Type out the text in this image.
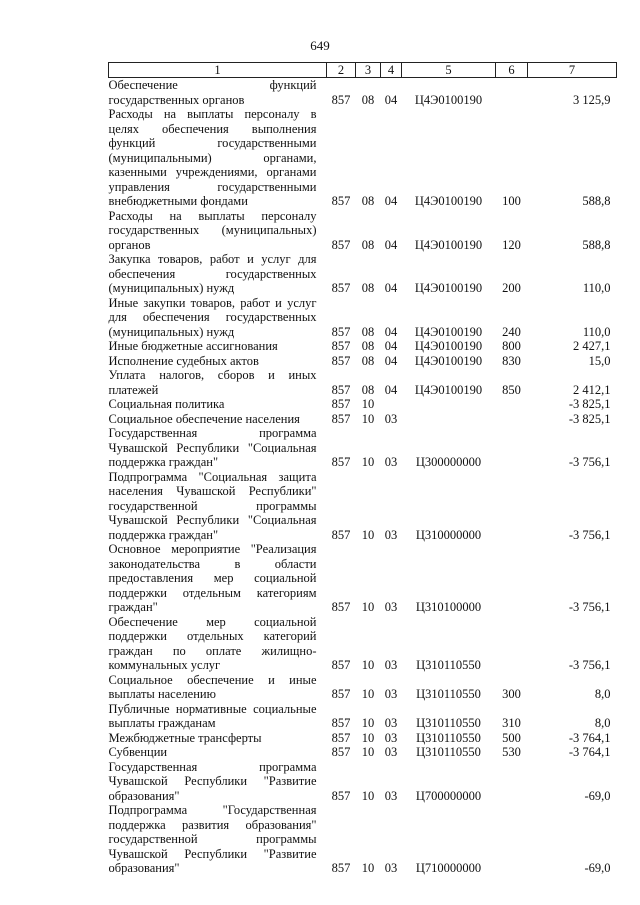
649
1	2	3	4	5	6	7
Обеспечение функций государственных органов	857	08	04	Ц4Э0100190		3 125,9
Расходы на выплаты персоналу в целях обеспечения выполнения функций государственными (муниципальными) органами, казенными учреждениями, органами управления государственными внебюджетными фондами	857	08	04	Ц4Э0100190	100	588,8
Расходы на выплаты персоналу государственных (муниципальных) органов	857	08	04	Ц4Э0100190	120	588,8
Закупка товаров, работ и услуг для обеспечения государственных (муниципальных) нужд	857	08	04	Ц4Э0100190	200	110,0
Иные закупки товаров, работ и услуг для обеспечения государственных (муниципальных) нужд	857	08	04	Ц4Э0100190	240	110,0
Иные бюджетные ассигнования	857	08	04	Ц4Э0100190	800	2 427,1
Исполнение судебных актов	857	08	04	Ц4Э0100190	830	15,0
Уплата налогов, сборов и иных платежей	857	08	04	Ц4Э0100190	850	2 412,1
Социальная политика	857	10				-3 825,1
Социальное обеспечение населения	857	10	03			-3 825,1
Государственная программа Чувашской Республики "Социальная поддержка граждан"	857	10	03	Ц300000000		-3 756,1
Подпрограмма "Социальная защита населения Чувашской Республики" государственной программы Чувашской Республики "Социальная поддержка граждан"	857	10	03	Ц310000000		-3 756,1
Основное мероприятие "Реализация законодательства в области предоставления мер социальной поддержки отдельным категориям граждан"	857	10	03	Ц310100000		-3 756,1
Обеспечение мер социальной поддержки отдельных категорий граждан по оплате жилищно-коммунальных услуг	857	10	03	Ц310110550		-3 756,1
Социальное обеспечение и иные выплаты населению	857	10	03	Ц310110550	300	8,0
Публичные нормативные социальные выплаты гражданам	857	10	03	Ц310110550	310	8,0
Межбюджетные трансферты	857	10	03	Ц310110550	500	-3 764,1
Субвенции	857	10	03	Ц310110550	530	-3 764,1
Государственная программа Чувашской Республики "Развитие образования"	857	10	03	Ц700000000		-69,0
Подпрограмма "Государственная поддержка развития образования" государственной программы Чувашской Республики "Развитие образования"	857	10	03	Ц710000000		-69,0
